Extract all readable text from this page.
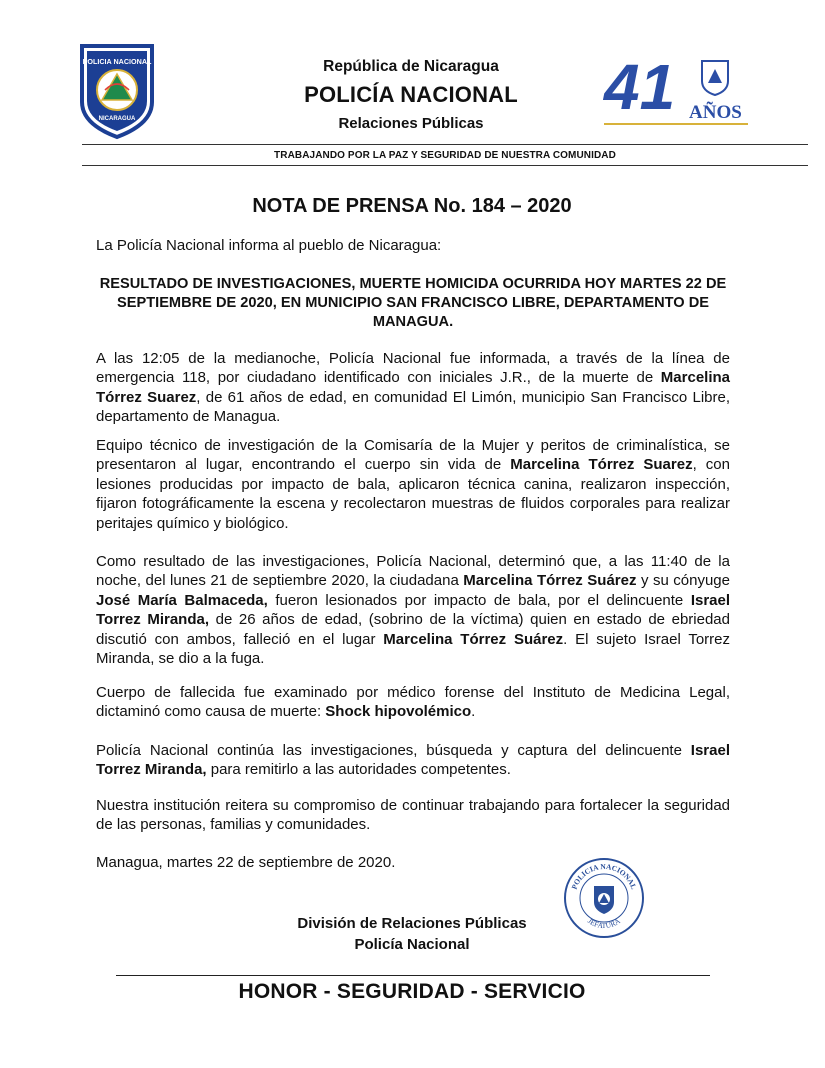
POLICIA NACIONAL
NICARAGUA
República de Nicaragua
POLICÍA NACIONAL
Relaciones Públicas
41 AÑOS
TRABAJANDO POR LA PAZ Y SEGURIDAD DE NUESTRA COMUNIDAD
NOTA DE PRENSA No. 184 – 2020
La Policía Nacional informa al pueblo de Nicaragua:
RESULTADO DE INVESTIGACIONES, MUERTE HOMICIDA OCURRIDA HOY MARTES 22 DE SEPTIEMBRE DE 2020, EN MUNICIPIO SAN FRANCISCO LIBRE, DEPARTAMENTO DE MANAGUA.
A las 12:05 de la medianoche, Policía Nacional fue informada, a través de la línea de emergencia 118, por ciudadano identificado con iniciales J.R., de la muerte de Marcelina Tórrez Suarez, de 61 años de edad, en comunidad El Limón, municipio San Francisco Libre, departamento de Managua.
Equipo técnico de investigación de la Comisaría de la Mujer y peritos de criminalística, se presentaron al lugar, encontrando el cuerpo sin vida de Marcelina Tórrez Suarez, con lesiones producidas por impacto de bala, aplicaron técnica canina, realizaron inspección, fijaron fotográficamente la escena y recolectaron muestras de fluidos corporales para realizar peritajes químico y biológico.
Como resultado de las investigaciones, Policía Nacional, determinó que, a las 11:40 de la noche, del lunes 21 de septiembre 2020, la ciudadana Marcelina Tórrez Suárez y su cónyuge José María Balmaceda, fueron lesionados por impacto de bala, por el delincuente Israel Torrez Miranda, de 26 años de edad, (sobrino de la víctima) quien en estado de ebriedad discutió con ambos, falleció en el lugar Marcelina Tórrez Suárez. El sujeto Israel Torrez Miranda, se dio a la fuga.
Cuerpo de fallecida fue examinado por médico forense del Instituto de Medicina Legal, dictaminó como causa de muerte: Shock hipovolémico.
Policía Nacional continúa las investigaciones, búsqueda y captura del delincuente Israel Torrez Miranda, para remitirlo a las autoridades competentes.
Nuestra institución reitera su compromiso de continuar trabajando para fortalecer la seguridad de las personas, familias y comunidades.
Managua, martes 22 de septiembre de 2020.
POLICIA NACIONAL
JEFATURA
División de Relaciones Públicas
Policía Nacional
HONOR - SEGURIDAD - SERVICIO
